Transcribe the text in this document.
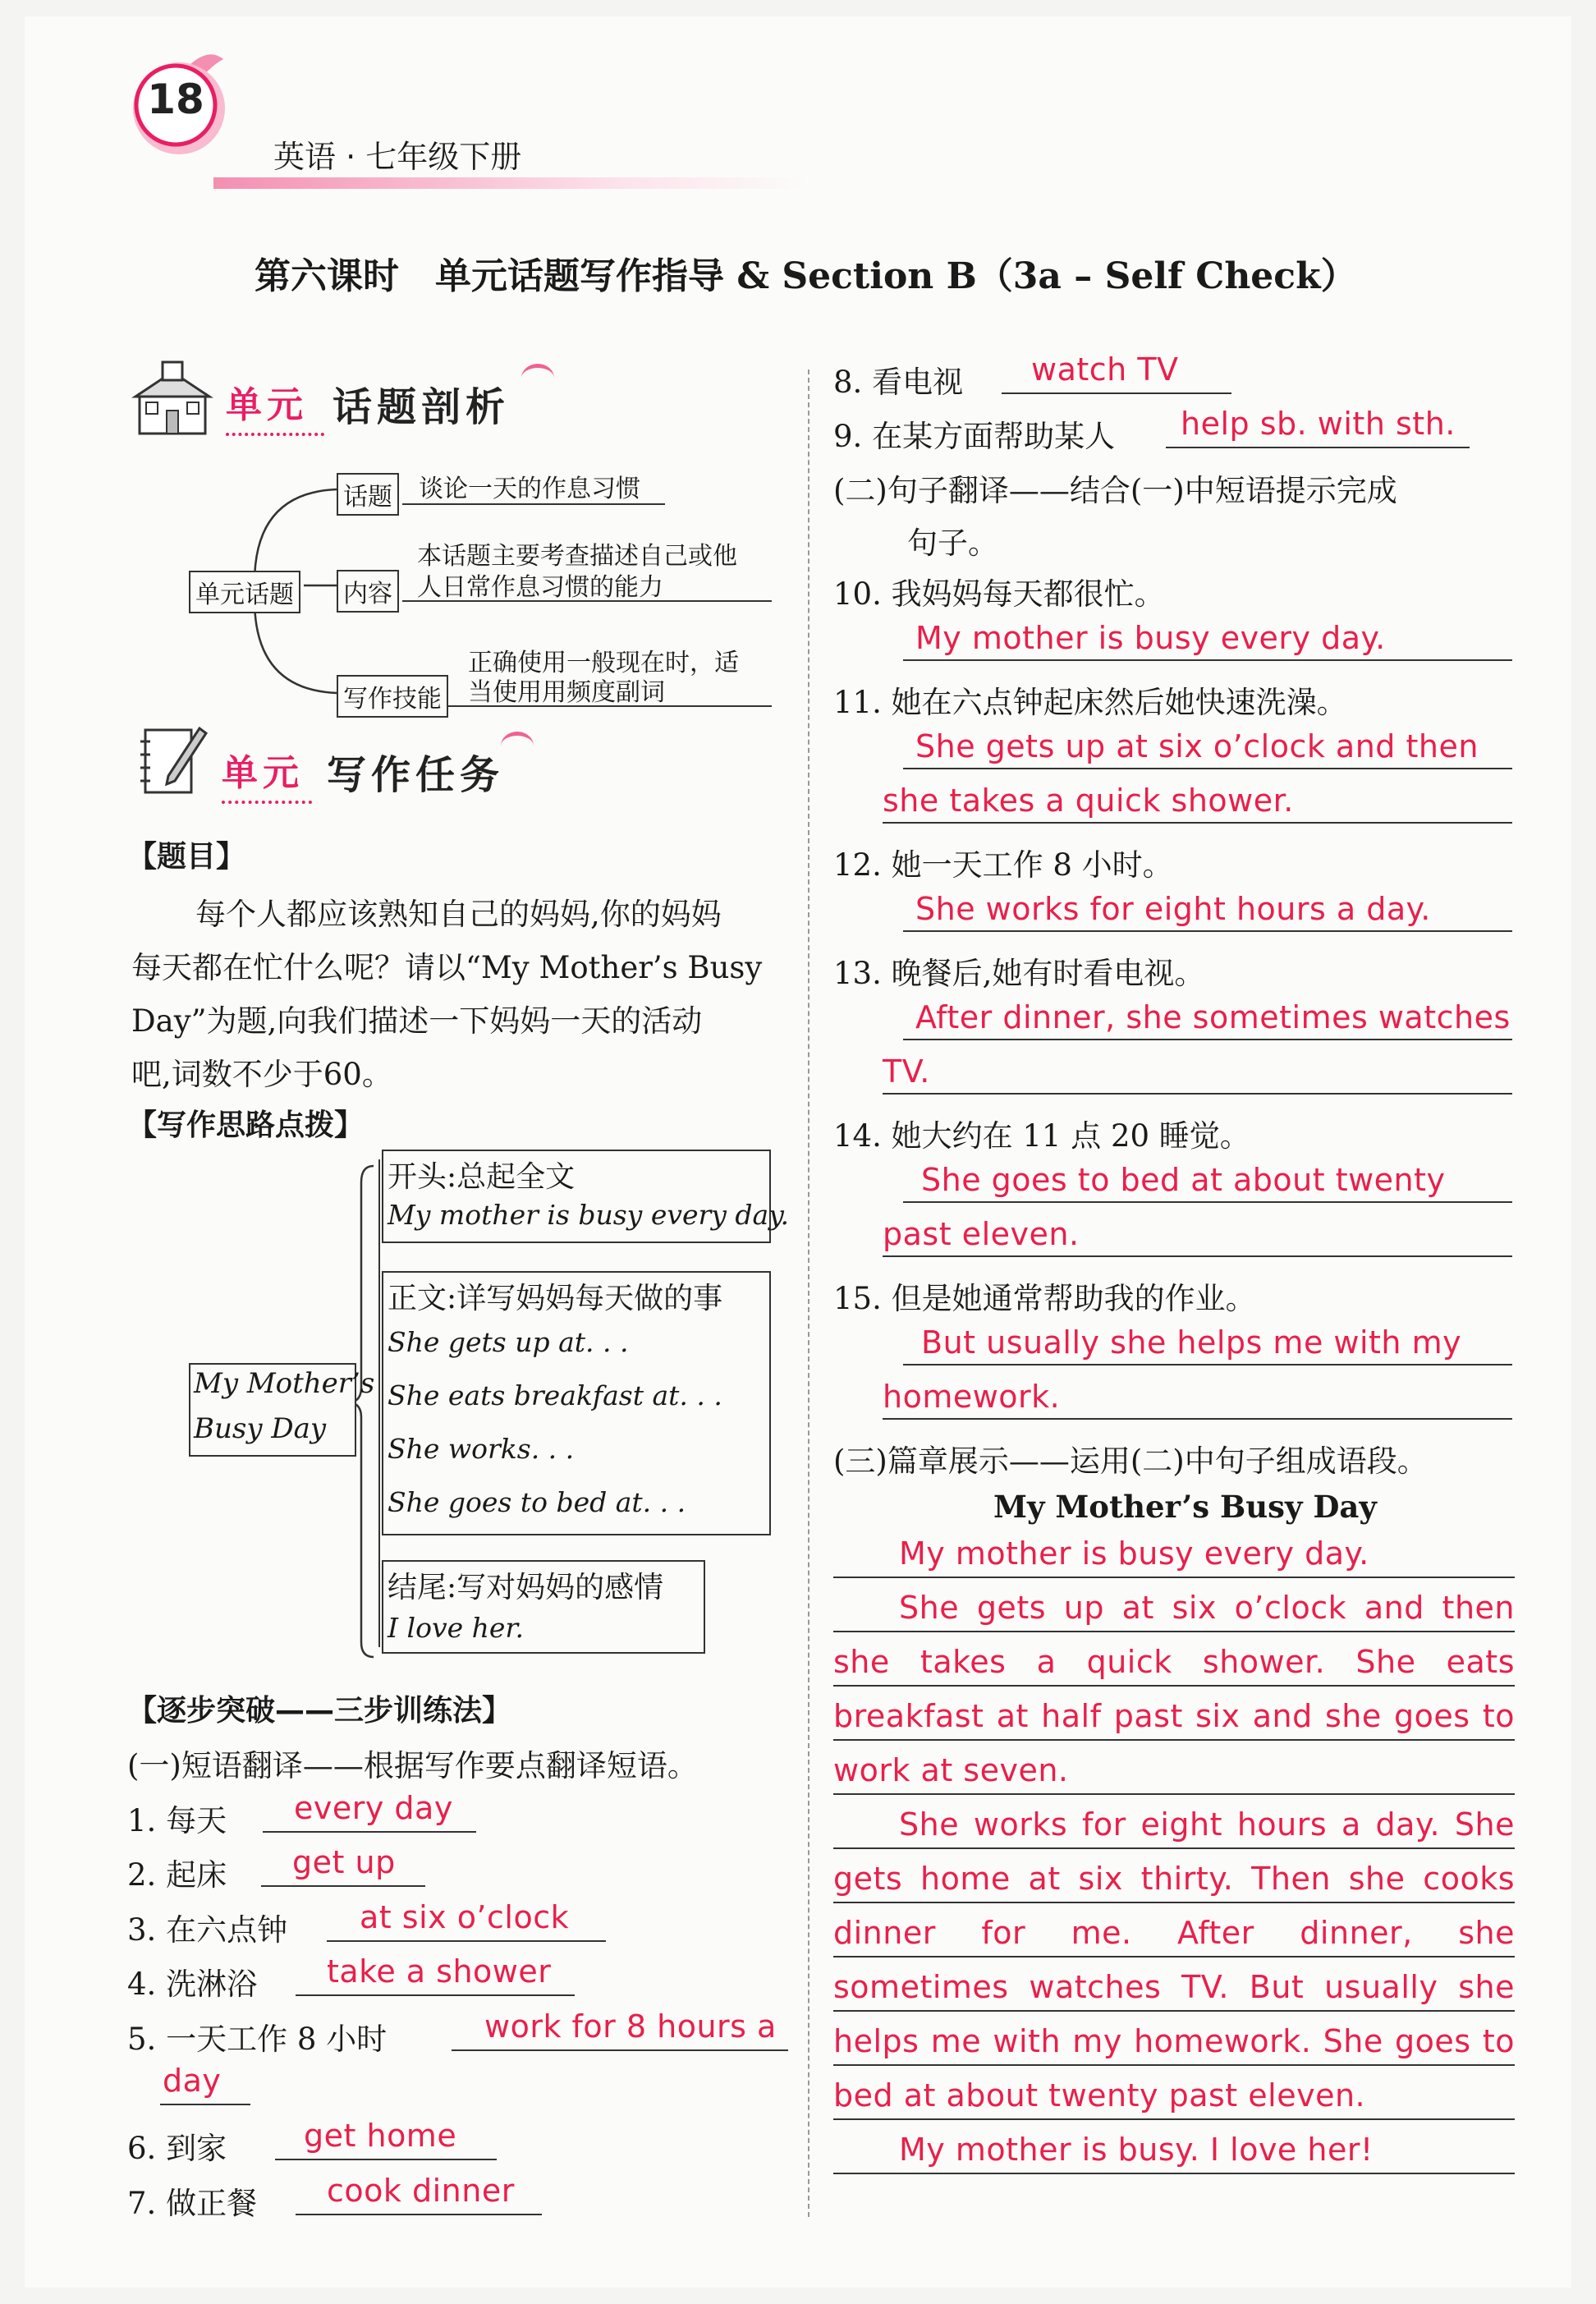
18
英语 · 七年级下册
第六课时　单元话题写作指导 & Section B（3a – Self Check）
单元 话题剖析
单元话题
话题 谈论一天的作息习惯
内容
本话题主要考查描述自己或他
人日常作息习惯的能力
写作技能
正确使用一般现在时，适
当使用用频度副词
单元 写作任务
【题目】
每个人都应该熟知自己的妈妈,你的妈妈
每天都在忙什么呢？请以“My Mother’s Busy
Day”为题,向我们描述一下妈妈一天的活动
吧,词数不少于60。
【写作思路点拨】
My Mother’s
Busy Day
开头:总起全文
My mother is busy every day.
正文:详写妈妈每天做的事
She gets up at. . .
She eats breakfast at. . .
She works. . .
She goes to bed at. . .
结尾:写对妈妈的感情
I love her.
【逐步突破——三步训练法】
(一)短语翻译——根据写作要点翻译短语。
1. 每天 every day
2. 起床 get up
3. 在六点钟 at six o’clock
4. 洗淋浴 take a shower
5. 一天工作 8 小时	work for 8 hours a
day
6. 到家 get home
7. 做正餐 cook dinner
8. 看电视 watch TV
9. 在某方面帮助某人 help sb. with sth.
(二)句子翻译——结合(一)中短语提示完成
句子。
10. 我妈妈每天都很忙。
My mother is busy every day.
11. 她在六点钟起床然后她快速洗澡。
She gets up at six o’clock and then
she takes a quick shower.
12. 她一天工作 8 小时。
She works for eight hours a day.
13. 晚餐后,她有时看电视。
After dinner, she sometimes watches
TV.
14. 她大约在 11 点 20 睡觉。
She goes to bed at about twenty
past eleven.
15. 但是她通常帮助我的作业。
But usually she helps me with my
homework.
(三)篇章展示——运用(二)中句子组成语段。
My Mother’s Busy Day
My mother is busy every day.
She gets up at six o’clock and then
she takes a quick shower. She eats
breakfast at half past six and she goes to
work at seven.
She works for eight hours a day. She
gets home at six thirty. Then she cooks
dinner for me. After dinner, she
sometimes watches TV. But usually she
helps me with my homework. She goes to
bed at about twenty past eleven.
My mother is busy. I love her!
